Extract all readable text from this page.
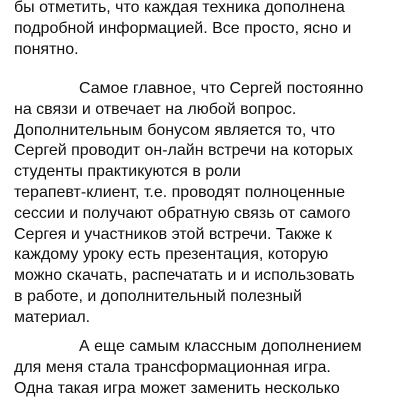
бы отметить, что каждая техника дополнена
подробной информацией. Все просто, ясно и
понятно.
Самое главное, что Сергей постоянно
на связи и отвечает на любой вопрос.
Дополнительным бонусом является то, что
Сергей проводит он-лайн встречи на которых
студенты практикуются в роли
терапевт-клиент, т.е. проводят полноценные
сессии и получают обратную связь от самого
Сергея и участников этой встречи. Также к
каждому уроку есть презентация, которую
можно скачать, распечатать и и использовать
в работе, и дополнительный полезный
материал.
А еще самым классным дополнением
для меня стала трансформационная игра.
Одна такая игра может заменить несколько
